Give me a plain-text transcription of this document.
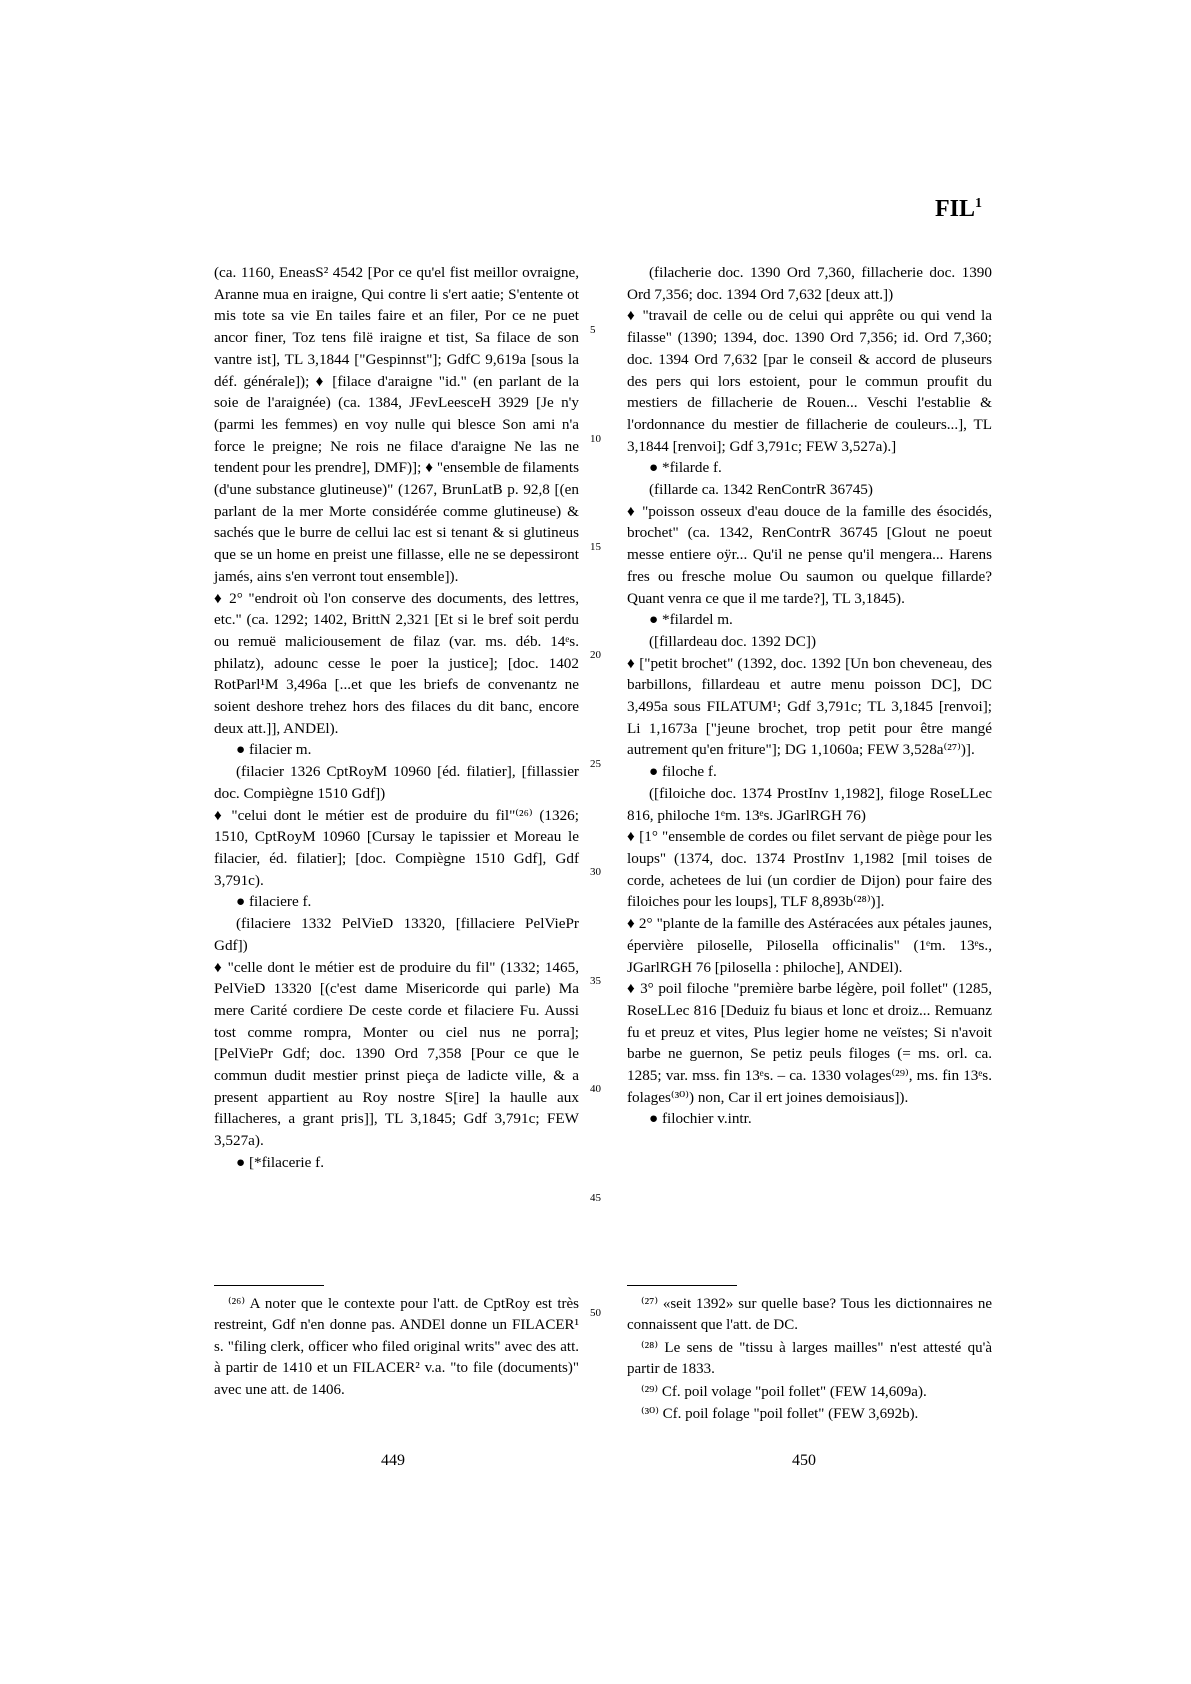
FIL$^1$

(ca. 1160, EneasS² 4542 [Por ce qu'el fist meillor ovraigne, Aranne mua en iraigne, Qui contre li s'ert aatie; S'entente ot mis tote sa vie En tailes faire et an filer, Por ce ne puet ancor finer, Toz tens filë iraigne et tist, Sa filace de son vantre ist], TL 3,1844 ["Gespinnst"]; GdfC 9,619a [sous la déf. générale]); ♦ [filace d'araigne "id." (en parlant de la soie de l'araignée) (ca. 1384, JFevLeesceH 3929 [Je n'y (parmi les femmes) en voy nulle qui blesce Son ami n'a force le preigne; Ne rois ne filace d'araigne Ne las ne tendent pour les prendre], DMF)]; ♦ "ensemble de filaments (d'une substance glutineuse)" (1267, BrunLatB p. 92,8 [(en parlant de la mer Morte considérée comme glutineuse) & sachés que le burre de cellui lac est si tenant & si glutineus que se un home en preist une fillasse, elle ne se depessiront jamés, ains s'en verront tout ensemble]).

♦ 2° "endroit où l'on conserve des documents, des lettres, etc." (ca. 1292; 1402, BrittN 2,321 [Et si le bref soit perdu ou remuë maliciousement de filaz (var. ms. déb. 14ᵉs. philatz), adounc cesse le poer la justice]; [doc. 1402 RotParl¹M 3,496a [...et que les briefs de convenantz ne soient deshore trehez hors des filaces du dit banc, encore deux att.]], ANDEl).

● filacier m.

(filacier 1326 CptRoyM 10960 [éd. filatier], [fillassier doc. Compiègne 1510 Gdf])

♦ "celui dont le métier est de produire du fil"⁽²⁶⁾ (1326; 1510, CptRoyM 10960 [Cursay le tapissier et Moreau le filacier, éd. filatier]; [doc. Compiègne 1510 Gdf], Gdf 3,791c).

● filaciere f.

(filaciere 1332 PelVieD 13320, [fillaciere PelViePr Gdf])

♦ "celle dont le métier est de produire du fil" (1332; 1465, PelVieD 13320 [(c'est dame Misericorde qui parle) Ma mere Carité cordiere De ceste corde et filaciere Fu. Aussi tost comme rompra, Monter ou ciel nus ne porra]; [PelViePr Gdf; doc. 1390 Ord 7,358 [Pour ce que le commun dudit mestier prinst pieça de ladicte ville, & a present appartient au Roy nostre S[ire] la haulle aux fillacheres, a grant pris]], TL 3,1845; Gdf 3,791c; FEW 3,527a).

● [*filacerie f.

5
10
15
20
25
30
35
40
45
50

(filacherie doc. 1390 Ord 7,360, fillacherie doc. 1390 Ord 7,356; doc. 1394 Ord 7,632 [deux att.])

♦ "travail de celle ou de celui qui apprête ou qui vend la filasse" (1390; 1394, doc. 1390 Ord 7,356; id. Ord 7,360; doc. 1394 Ord 7,632 [par le conseil & accord de pluseurs des pers qui lors estoient, pour le commun proufit du mestiers de fillacherie de Rouen... Veschi l'establie & l'ordonnance du mestier de fillacherie de couleurs...], TL 3,1844 [renvoi]; Gdf 3,791c; FEW 3,527a).]

● *filarde f.

(fillarde ca. 1342 RenContrR 36745)

♦ "poisson osseux d'eau douce de la famille des ésocidés, brochet" (ca. 1342, RenContrR 36745 [Glout ne poeut messe entiere oÿr... Qu'il ne pense qu'il mengera... Harens fres ou fresche molue Ou saumon ou quelque fillarde? Quant venra ce que il me tarde?], TL 3,1845).

● *filardel m.

([fillardeau doc. 1392 DC])

♦ ["petit brochet" (1392, doc. 1392 [Un bon cheveneau, des barbillons, fillardeau et autre menu poisson DC], DC 3,495a sous FILATUM¹; Gdf 3,791c; TL 3,1845 [renvoi]; Li 1,1673a ["jeune brochet, trop petit pour être mangé autrement qu'en friture"]; DG 1,1060a; FEW 3,528a⁽²⁷⁾)].

● filoche f.

([filoiche doc. 1374 ProstInv 1,1982], filoge RoseLLec 816, philoche 1ᵉm. 13ᵉs. JGarlRGH 76)

♦ [1° "ensemble de cordes ou filet servant de piège pour les loups" (1374, doc. 1374 ProstInv 1,1982 [mil toises de corde, achetees de lui (un cordier de Dijon) pour faire des filoiches pour les loups], TLF 8,893b⁽²⁸⁾)].

♦ 2° "plante de la famille des Astéracées aux pétales jaunes, épervière piloselle, Pilosella officinalis" (1ᵉm. 13ᵉs., JGarlRGH 76 [pilosella : philoche], ANDEl).

♦ 3° poil filoche "première barbe légère, poil follet" (1285, RoseLLec 816 [Deduiz fu biaus et lonc et droiz... Remuanz fu et preuz et vites, Plus legier home ne veïstes; Si n'avoit barbe ne guernon, Se petiz peuls filoges (= ms. orl. ca. 1285; var. mss. fin 13ᵉs. – ca. 1330 volages⁽²⁹⁾, ms. fin 13ᵉs. folages⁽³⁰⁾) non, Car il ert joines demoisiaus]).

● filochier v.intr.

⁽²⁶⁾ A noter que le contexte pour l'att. de CptRoy est très restreint, Gdf n'en donne pas. ANDEl donne un FILACER¹ s. "filing clerk, officer who filed original writs" avec des att. à partir de 1410 et un FILACER² v.a. "to file (documents)" avec une att. de 1406.

⁽²⁷⁾ «seit 1392» sur quelle base? Tous les dictionnaires ne connaissent que l'att. de DC.

⁽²⁸⁾ Le sens de "tissu à larges mailles" n'est attesté qu'à partir de 1833.

⁽²⁹⁾ Cf. poil volage "poil follet" (FEW 14,609a).

⁽³⁰⁾ Cf. poil folage "poil follet" (FEW 3,692b).

449	450
